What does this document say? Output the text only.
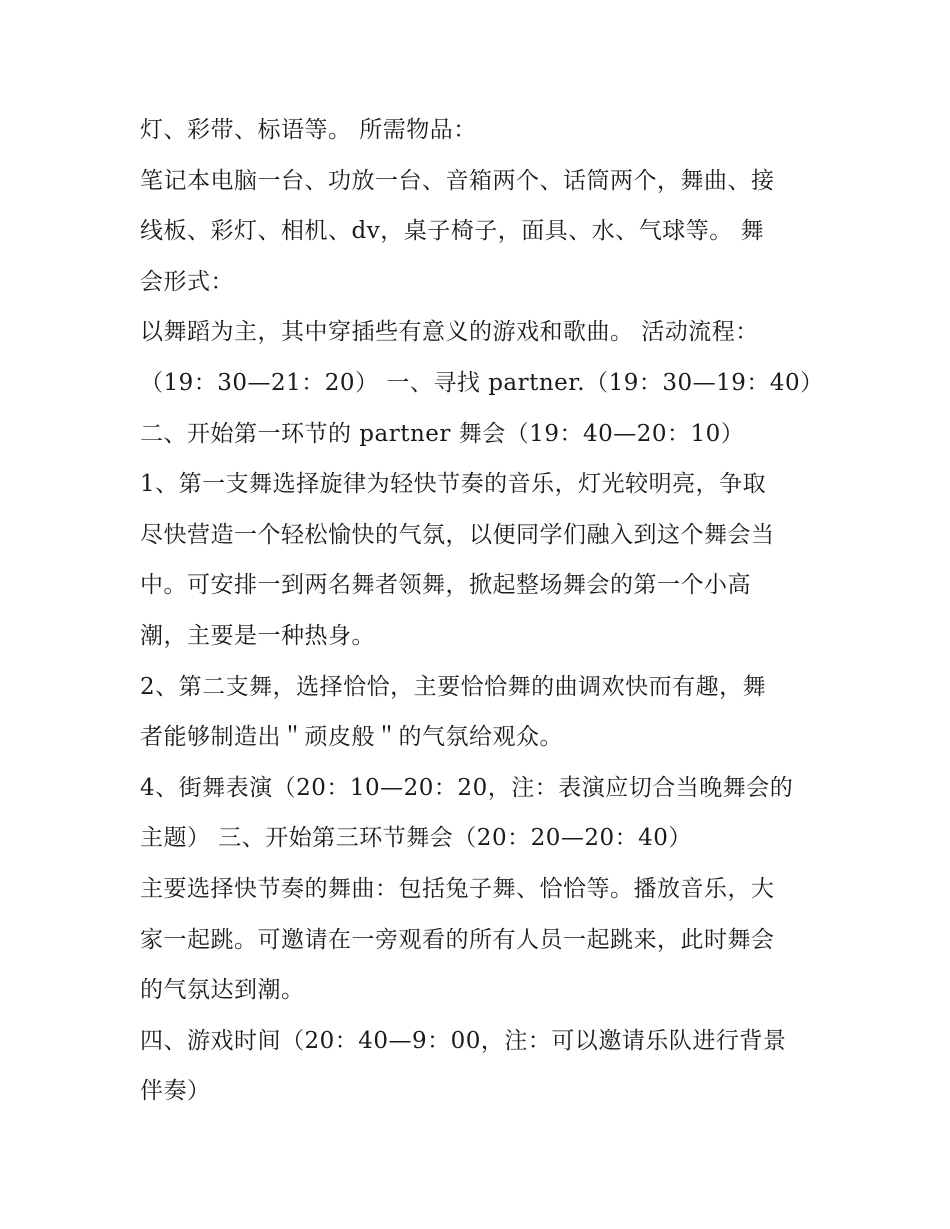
灯、彩带、标语等。 所需物品：
笔记本电脑一台、功放一台、音箱两个、话筒两个，舞曲、接
线板、彩灯、相机、dv，桌子椅子，面具、水、气球等。 舞
会形式：
以舞蹈为主，其中穿插些有意义的游戏和歌曲。 活动流程：
（19：30—21：20） 一、寻找 partner.（19：30—19：40）
二、开始第一环节的 partner 舞会（19：40—20：10）
1、第一支舞选择旋律为轻快节奏的音乐，灯光较明亮，争取
尽快营造一个轻松愉快的气氛，以便同学们融入到这个舞会当
中。可安排一到两名舞者领舞，掀起整场舞会的第一个小高
潮，主要是一种热身。
2、第二支舞，选择恰恰，主要恰恰舞的曲调欢快而有趣，舞
者能够制造出＂顽皮般＂的气氛给观众。
4、街舞表演（20：10—20：20，注：表演应切合当晚舞会的
主题） 三、开始第三环节舞会（20：20—20：40）
主要选择快节奏的舞曲：包括兔子舞、恰恰等。播放音乐，大
家一起跳。可邀请在一旁观看的所有人员一起跳来，此时舞会
的气氛达到潮。
四、游戏时间（20：40—9：00，注：可以邀请乐队进行背景
伴奏）
